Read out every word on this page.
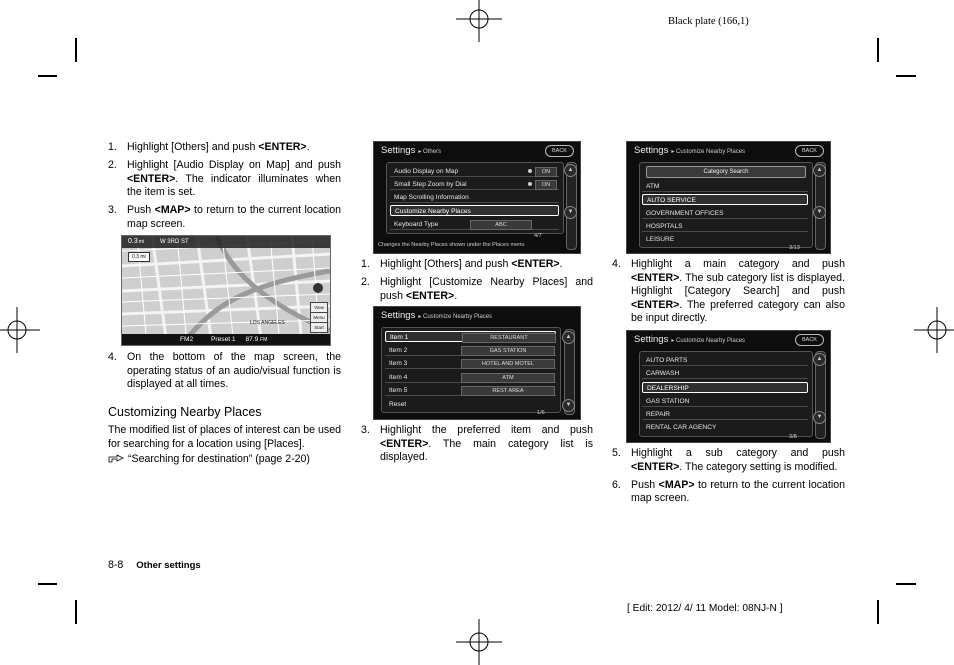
Black plate (166,1)
1. Highlight [Others] and push <ENTER>.
2. Highlight [Audio Display on Map] and push <ENTER>. The indicator illuminates when the item is set.
3. Push <MAP> to return to the current location map screen.
0.3mi	W 3RD ST
0.3 mi
LOS ANGELES
View
Menu
Start
FM2	Preset 1 87.9 FM
4. On the bottom of the map screen, the operating status of an audio/visual function is displayed at all times.
Customizing Nearby Places

The modified list of places of interest can be used for searching for a location using [Places].

“Searching for destination” (page 2-20)

Settings ▸ Others	BACK
Audio Display on Map	ON
Small Step Zoom by Dial	ON
Map Scrolling Information
Customize Nearby Places
Keyboard Type	ABC
▲
▼
4/7
Changes the Nearby Places shown under the Places menu
1. Highlight [Others] and push <ENTER>.
2. Highlight [Customize Nearby Places] and push <ENTER>.
Settings ▸ Customize Nearby Places
Item 1	RESTAURANT
Item 2	GAS STATION
Item 3	HOTEL AND MOTEL
Item 4	ATM
Item 5	REST AREA
Reset
▲
▼
1/6
3. Highlight the preferred item and push <ENTER>. The main category list is displayed.
Settings ▸ Customize Nearby Places	BACK
Category Search
ATM
AUTO SERVICE
GOVERNMENT OFFICES
HOSPITALS
LEISURE
▲
▼
3/13
4. Highlight a main category and push <ENTER>. The sub category list is displayed. Highlight [Category Search] and push <ENTER>. The preferred category can also be input directly.
Settings ▸ Customize Nearby Places	BACK
AUTO PARTS
CARWASH
DEALERSHIP
GAS STATION
REPAIR
RENTAL CAR AGENCY
▲
▼
3/8
5. Highlight a sub category and push <ENTER>. The category setting is modified.
6. Push <MAP> to return to the current location map screen.
8-8 Other settings
[ Edit: 2012/ 4/ 11 Model: 08NJ-N ]
